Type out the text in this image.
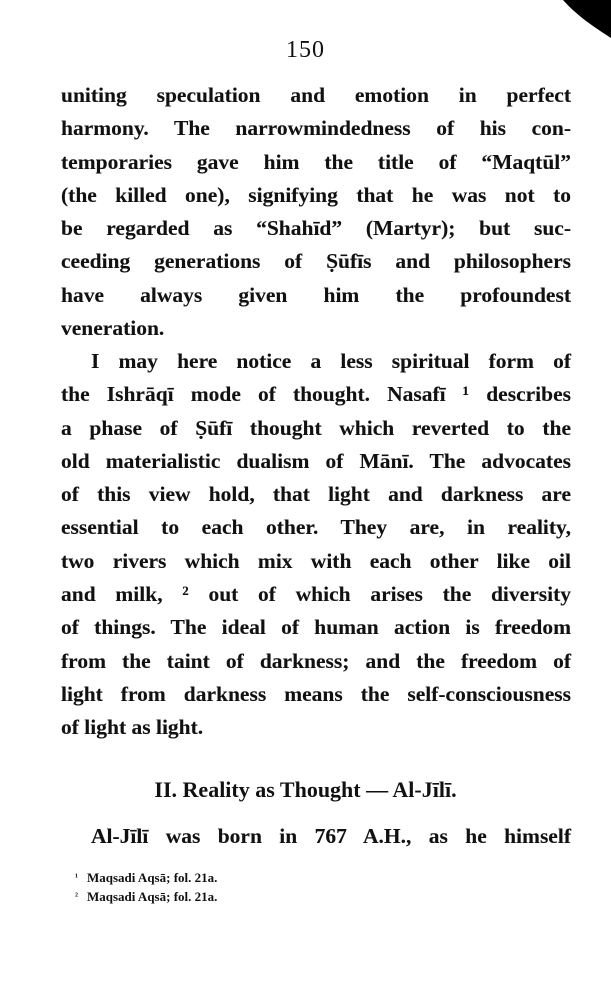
150
uniting speculation and emotion in perfect
harmony. The narrowmindedness of his con-
temporaries gave him the title of “Maqtūl”
(the killed one), signifying that he was not to
be regarded as “Shahīd” (Martyr); but suc-
ceeding generations of Ṣūfīs and philosophers
have always given him the profoundest
veneration.
I may here notice a less spiritual form of
the Ishrāqī mode of thought. Nasafī ¹ describes
a phase of Ṣūfī thought which reverted to the
old materialistic dualism of Mānī. The advocates
of this view hold, that light and darkness are
essential to each other. They are, in reality,
two rivers which mix with each other like oil
and milk, ² out of which arises the diversity
of things. The ideal of human action is freedom
from the taint of darkness; and the freedom of
light from darkness means the self-consciousness
of light as light.
II. Reality as Thought — Al-Jīlī.
Al-Jīlī was born in 767 A.H., as he himself
¹ Maqsadi Aqsā; fol. 21a.
² Maqsadi Aqsā; fol. 21a.
